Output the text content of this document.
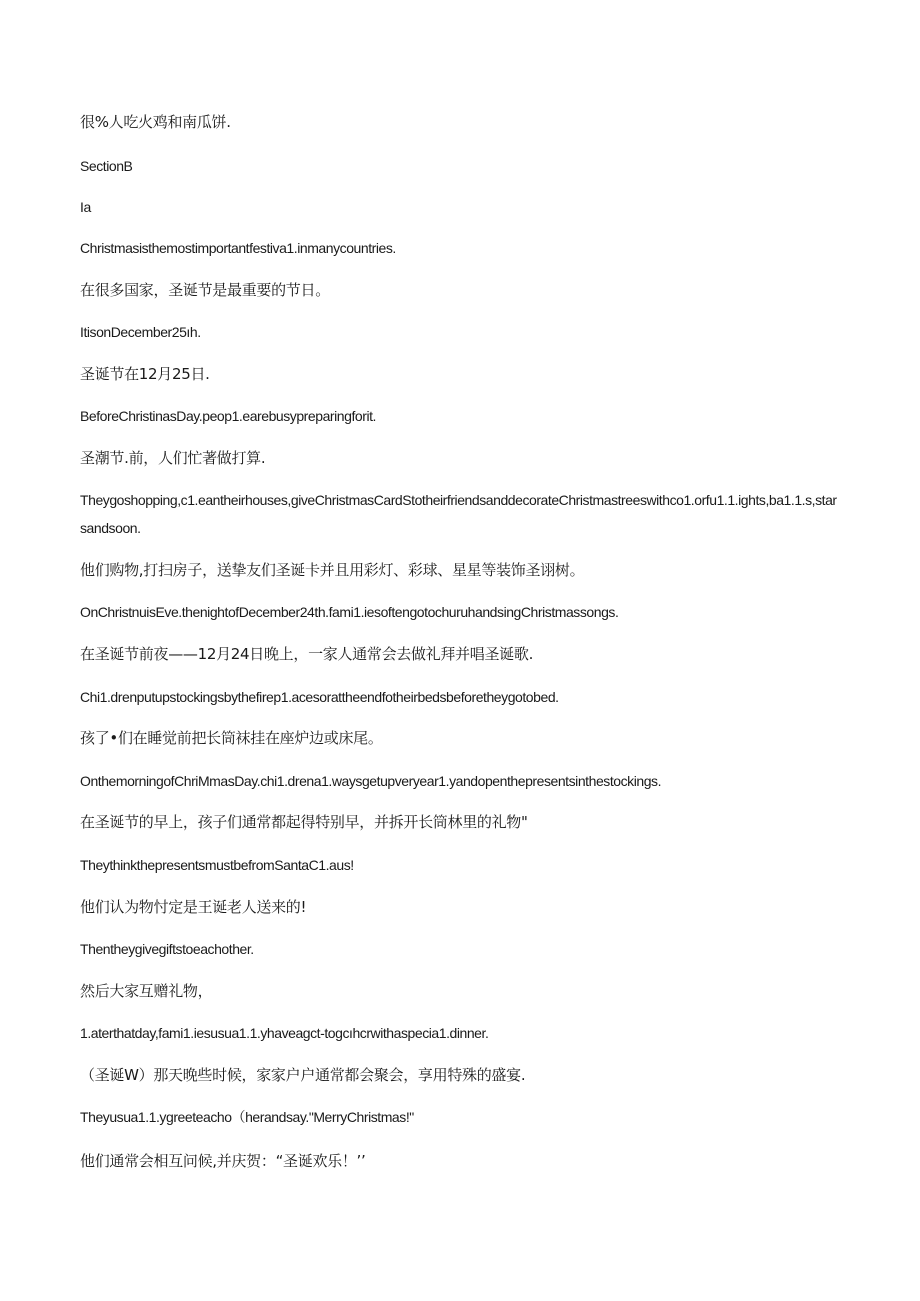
很%人吃火鸡和南瓜饼.

SectionB

Ia

Christmasisthemostimportantfestiva1.inmanycountries.

在很多国家，圣诞节是最重要的节日。

ItisonDecember25ıh.

圣诞节在12月25日.

BeforeChristinasDay.peop1.earebusypreparingforit.

圣潮节.前，人们忙著做打算.

Theygoshopping,c1.eantheirhouses,giveChristmasCardStotheirfriendsanddecorateChristmastreeswithco1.orfu1.1.ights,ba1.1.s,starsandsoon.

他们购物,打扫房子，送挚友们圣诞卡并且用彩灯、彩球、星星等装饰圣诩树。

OnChristnuisEve.thenightofDecember24th.fami1.iesoftengotochuruhandsingChristmassongs.

在圣诞节前夜——12月24日晚上，一家人通常会去做礼拜并唱圣诞歌.

Chi1.drenputupstockingsbythefirep1.acesorattheendfotheirbedsbeforetheygotobed.

孩了•们在睡觉前把长筒袜挂在座炉边或床尾。

OnthemorningofChriMmasDay.chi1.drena1.waysgetupveryear1.yandopenthepresentsinthestockings.

在圣诞节的早上，孩子们通常都起得特别早，并拆开长筒林里的礼物"

TheythinkthepresentsmustbefromSantaC1.aus!

他们认为物忖定是王诞老人送来的!

Thentheygivegiftstoeachother.

然后大家互赠礼物，

1.aterthatday,fami1.iesusua1.1.yhaveagct-togcıhcrwithaspecia1.dinner.

（圣诞W）那天晚些时候，家家户户通常都会聚会，享用特殊的盛宴.

Theyusua1.1.ygreeteacho（herandsay."MerryChristmas!"

他们通常会相互问候,并庆贺：“圣诞欢乐！’’
